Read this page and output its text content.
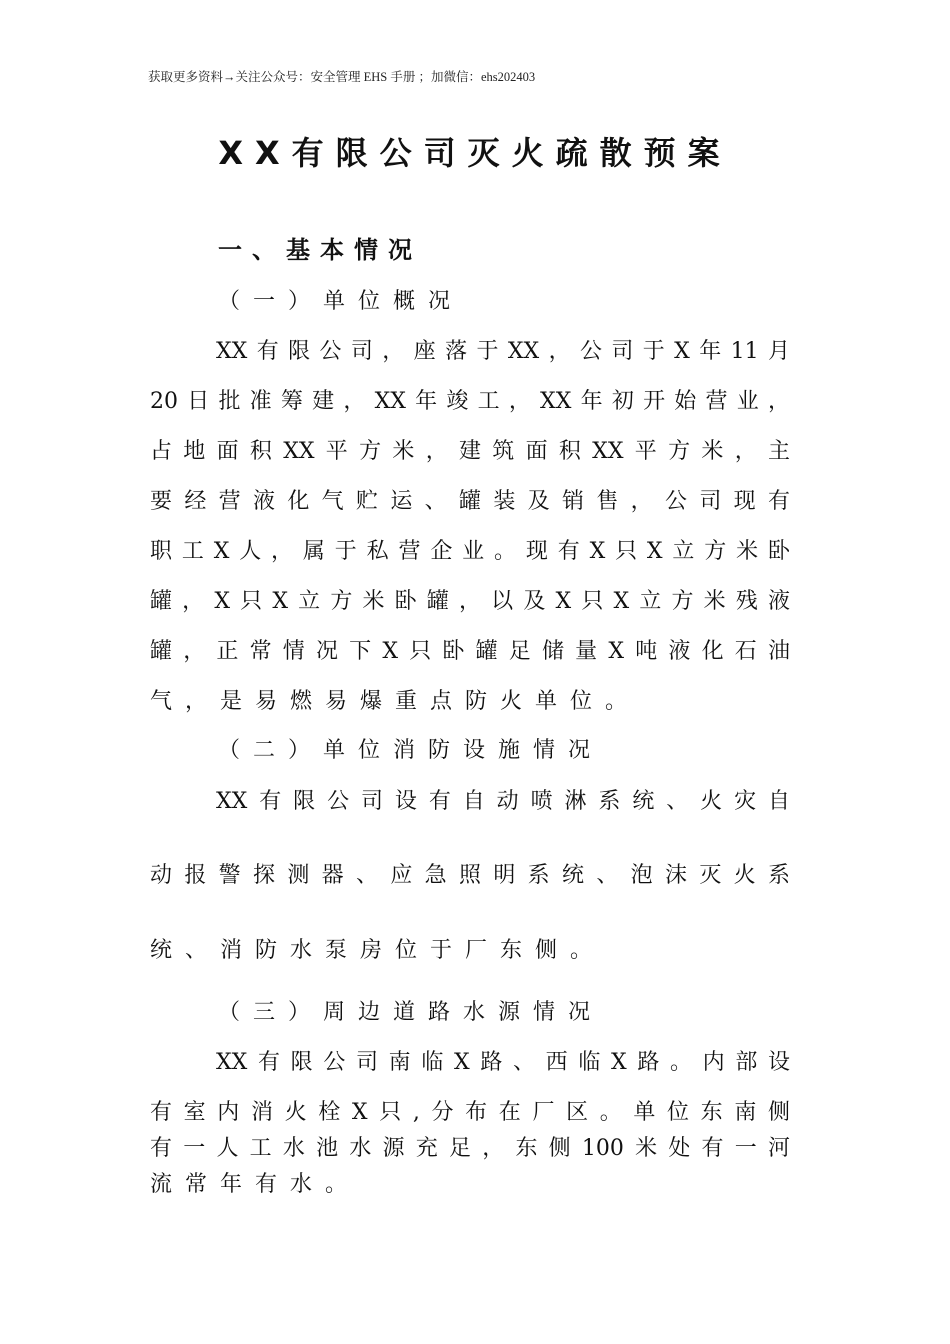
获取更多资料→关注公众号：安全管理 EHS 手册 ；加微信：ehs202403
XX有限公司灭火疏散预案
一、基本情况
（一）单位概况
XX有限公司，座落于XX，公司于X年11月
20日批准筹建，XX年竣工，XX年初开始营业，
占地面积XX平方米，建筑面积XX平方米，主
要经营液化气贮运、罐装及销售，公司现有
职工X人，属于私营企业。现有X只X立方米卧
罐，X只X立方米卧罐，以及X只X立方米残液
罐，正常情况下X只卧罐足储量X吨液化石油
气，是易燃易爆重点防火单位。
（二）单位消防设施情况
XX有限公司设有自动喷淋系统、火灾自
动报警探测器、应急照明系统、泡沫灭火系
统、消防水泵房位于厂东侧。
（三）周边道路水源情况
XX有限公司南临X路、西临X路。内部设
有室内消火栓X只,分布在厂区。单位东南侧
有一人工水池水源充足，东侧100米处有一河
流常年有水。
